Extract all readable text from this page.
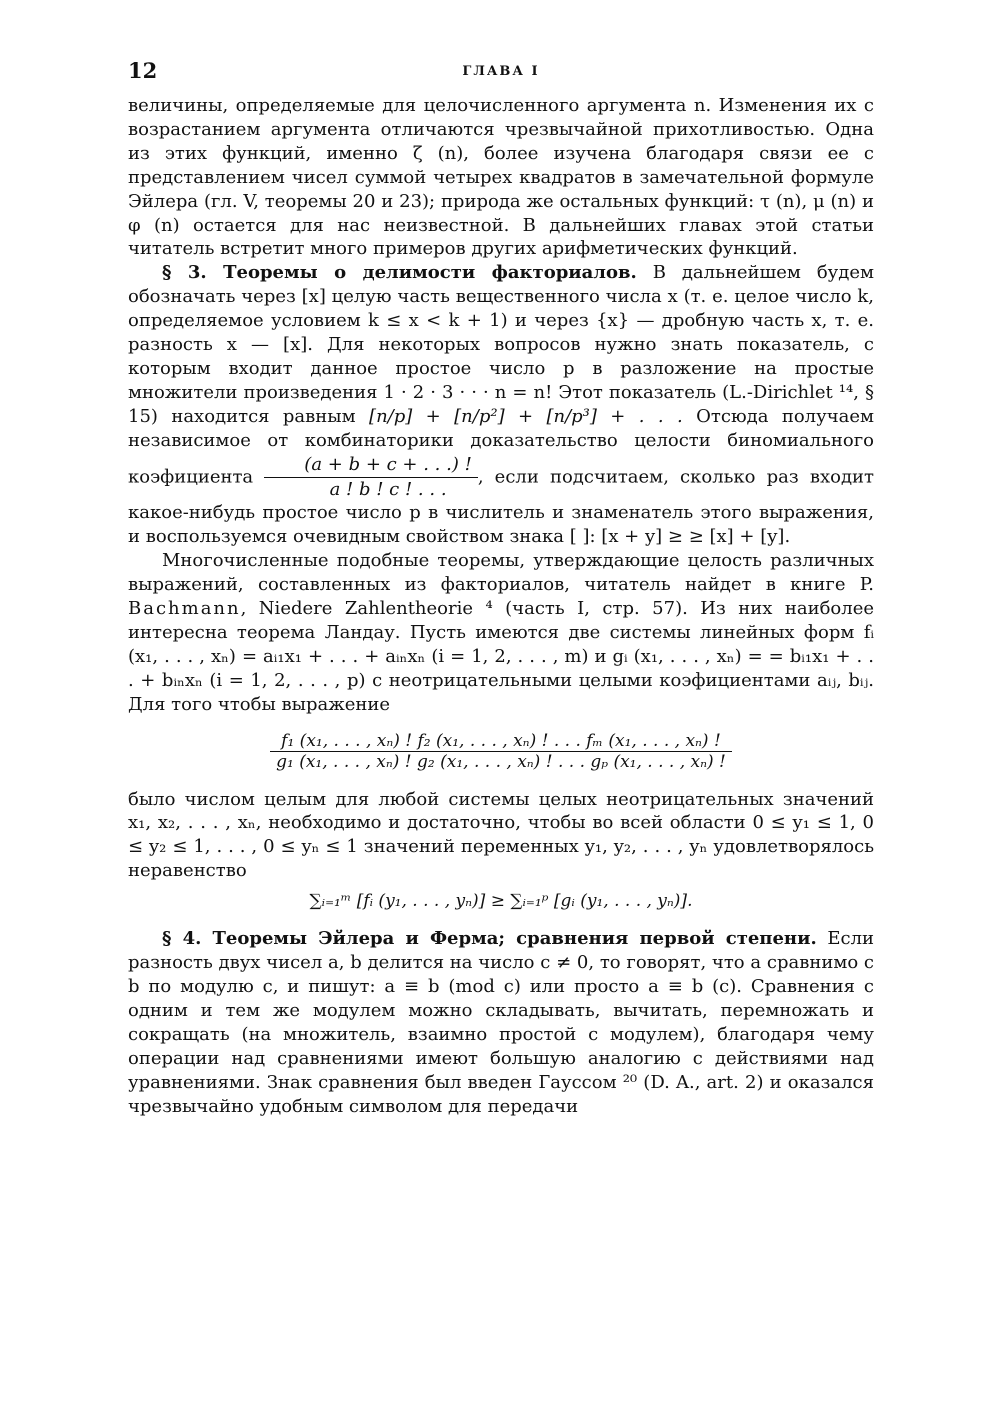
12	ГЛАВА I

величины, определяемые для целочисленного аргумента n. Изменения их с возрастанием аргумента отличаются чрезвычайной прихотливостью. Одна из этих функций, именно ζ (n), более изучена благодаря связи ее с представлением чисел суммой четырех квадратов в замечательной формуле Эйлера (гл. V, теоремы 20 и 23); природа же остальных функций: τ (n), μ (n) и φ (n) остается для нас неизвестной. В дальнейших главах этой статьи читатель встретит много примеров других арифметических функций.

§ 3. Теоремы о делимости факториалов. В дальнейшем будем обозначать через [x] целую часть вещественного числа x (т. е. целое число k, определяемое условием k ≤ x < k + 1) и через {x} — дробную часть x, т. е. разность x — [x]. Для некоторых вопросов нужно знать показатель, с которым входит данное простое число p в разложение на простые множители произведения 1 · 2 · 3 · · · n = n! Этот показатель (L.-Dirichlet ¹⁴, § 15) находится равным [n/p] + [n/p²] + [n/p³] + . . . Отсюда получаем независимое от комбинаторики доказательство целости биномиального коэфициента $\frac{(a + b + c + . . .) !}{a ! b ! c ! . . .}$ , если подсчитаем, сколько раз входит какое-нибудь простое число p в числитель и знаменатель этого выражения, и воспользуемся очевидным свойством знака [ ]: [x + y] ≥ ≥ [x] + [y].

Многочисленные подобные теоремы, утверждающие целость различных выражений, составленных из факториалов, читатель найдет в книге P. Bachmann, Niedere Zahlentheorie ⁴ (часть I, стр. 57). Из них наиболее интересна теорема Ландау. Пусть имеются две системы линейных форм fᵢ (x₁, . . . , xₙ) = aᵢ₁x₁ + . . . + aᵢₙxₙ (i = 1, 2, . . . , m) и gᵢ (x₁, . . . , xₙ) = = bᵢ₁x₁ + . . . + bᵢₙxₙ (i = 1, 2, . . . , p) с неотрицательными целыми коэфициентами aᵢⱼ, bᵢⱼ. Для того чтобы выражение

f₁ (x₁, . . . , xₙ) ! f₂ (x₁, . . . , xₙ) ! . . . fₘ (x₁, . . . , xₙ) !
g₁ (x₁, . . . , xₙ) ! g₂ (x₁, . . . , xₙ) ! . . . gₚ (x₁, . . . , xₙ) !

было числом целым для любой системы целых неотрицательных значений x₁, x₂, . . . , xₙ, необходимо и достаточно, чтобы во всей области 0 ≤ y₁ ≤ 1, 0 ≤ y₂ ≤ 1, . . . , 0 ≤ yₙ ≤ 1 значений переменных y₁, y₂, . . . , yₙ удовлетворялось неравенство

∑ᵢ₌₁ᵐ [fᵢ (y₁, . . . , yₙ)] ≥ ∑ᵢ₌₁ᵖ [gᵢ (y₁, . . . , yₙ)].

§ 4. Теоремы Эйлера и Ферма; сравнения первой степени. Если разность двух чисел a, b делится на число c ≠ 0, то говорят, что a сравнимо с b по модулю c, и пишут: a ≡ b (mod c) или просто a ≡ b (c). Сравнения с одним и тем же модулем можно складывать, вычитать, перемножать и сокращать (на множитель, взаимно простой с модулем), благодаря чему операции над сравнениями имеют большую аналогию с действиями над уравнениями. Знак сравнения был введен Гауссом ²⁰ (D. A., art. 2) и оказался чрезвычайно удобным символом для передачи
